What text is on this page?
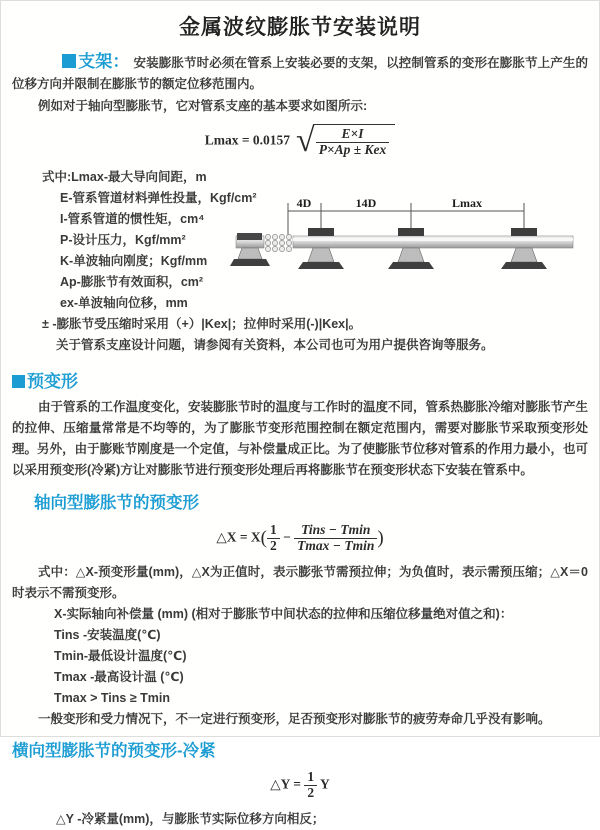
金属波纹膨胀节安装说明

支架： 安装膨胀节时必须在管系上安装必要的支架，以控制管系的变形在膨胀节上产生的位移方向并限制在膨胀节的额定位移范围内。

例如对于轴向型膨胀节，它对管系支座的基本要求如图所示:

Lmax = 0.0157 √ $\frac{E\times I}{\text{P×Ap ± Kex}}$

式中:Lmax-最大导向间距，m

E-管系管道材料弹性投量，Kgf/cm²

I-管系管道的惯性矩，cm⁴

P-设计压力，Kgf/mm²

K-单波轴向刚度；Kgf/mm

Ap-膨胀节有效面积，cm²

ex-单波轴向位移，mm

4D	14D	Lmax

± -膨胀节受压缩时采用（+）|Kex|；拉伸时采用(-)|Kex|。

关于管系支座设计问题，请参阅有关资料，本公司也可为用户提供咨询等服务。

预变形

由于管系的工作温度变化，安装膨胀节时的温度与工作时的温度不同，管系热膨胀冷缩对膨胀节产生的拉伸、压缩量常常是不均等的，为了膨胀节变形范围控制在额定范围内，需要对膨胀节采取预变形处理。另外，由于膨账节刚度是一个定值，与补偿量成正比。为了使膨胀节位移对管系的作用力最小，也可以采用预变形(冷紧)方让对膨胀节进行预变形处理后再将膨胀节在预变形状态下安装在管系中。

轴向型膨胀节的预变形
△X = $X( \frac{1}{2} - \frac{\text{Tins − Tmin}}{Tmax - Tmin}$ )

式中：△X-预变形量(mm)，△X为正值时，表示膨张节需预拉伸；为负值时，表示需预压缩；△X＝0时表示不需预变形。

X-实际轴向补偿量 (mm) (相对于膨胀节中间状态的拉伸和压缩位移量绝对值之和)：

Tins -安装温度(℃)

Tmin-最低设计温度(℃)

Tmax -最高设计温 (℃)

Tmax > Tins ≥ Tmin

一般变形和受力情况下，不一定进行预变形，足否预变形对膨胀节的疲劳寿命几乎没有影响。

横向型膨胀节的预变形-冷紧
△Y = $\frac{1}{2}$ Y

△Y -冷紧量(mm)，与膨胀节实际位移方向相反；
